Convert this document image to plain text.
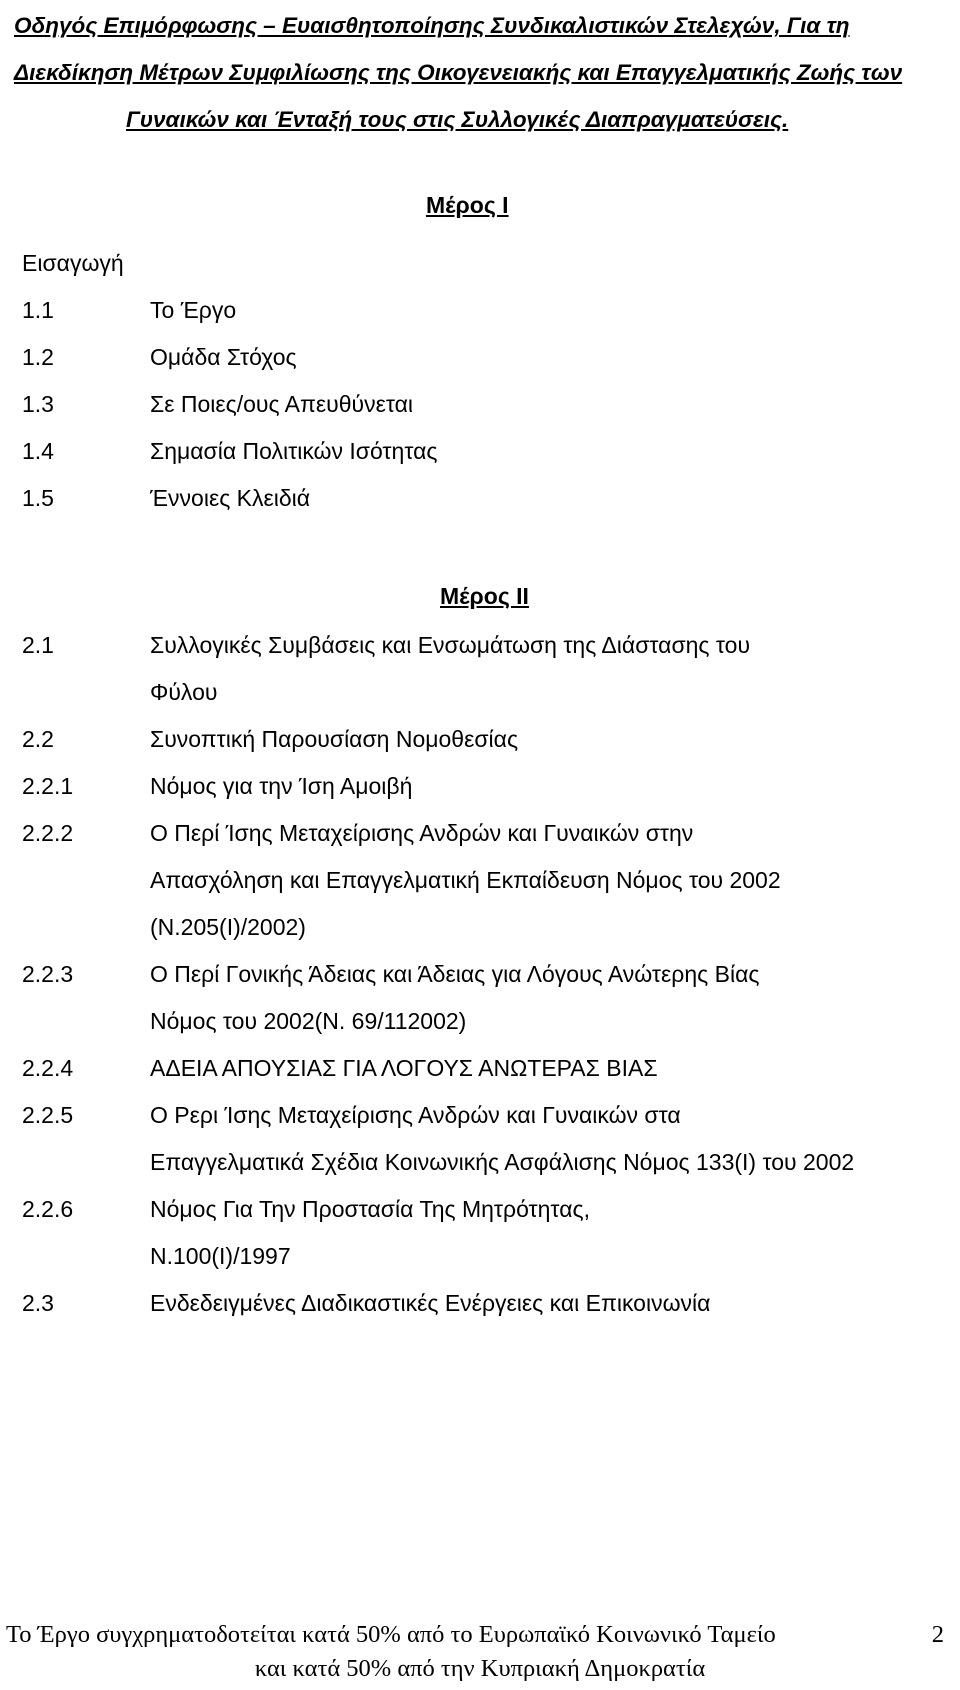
Οδηγός Επιμόρφωσης – Ευαισθητοποίησης Συνδικαλιστικών Στελεχών, Για τη
Διεκδίκηση Μέτρων Συμφιλίωσης της Οικογενειακής και Επαγγελματικής Ζωής των

Γυναικών και Ένταξή τους στις Συλλογικές Διαπραγματεύσεις.
Μέρος Ι
Εισαγωγή
1.1	Το Έργο
1.2	Ομάδα Στόχος
1.3	Σε Ποιες/ους Απευθύνεται
1.4	Σημασία Πολιτικών Ισότητας
1.5	Έννοιες Κλειδιά
Μέρος ΙΙ
2.1	Συλλογικές Συμβάσεις και Ενσωμάτωση της Διάστασης του
Φύλου
2.2	Συνοπτική Παρουσίαση Νομοθεσίας
2.2.1	Νόμος για την Ίση Αμοιβή
2.2.2	Ο Περί Ίσης Μεταχείρισης Ανδρών και Γυναικών στην
Απασχόληση και Επαγγελματική Εκπαίδευση Νόμος του 2002
(Ν.205(Ι)/2002)
2.2.3	Ο Περί Γονικής Άδειας και Άδειας για Λόγους Ανώτερης Βίας
Νόμος του 2002(Ν. 69/112002)
2.2.4	ΑΔΕΙΑ ΑΠΟΥΣΙΑΣ ΓΙΑ ΛΟΓΟΥΣ ΑΝΩΤΕΡΑΣ ΒΙΑΣ
2.2.5	Ο Ρερι Ίσης Μεταχείρισης Ανδρών και Γυναικών στα
Επαγγελματικά Σχέδια Κοινωνικής Ασφάλισης Νόμος 133(Ι) του 2002
2.2.6	Νόμος Για Την Προστασία Της Μητρότητας,
Ν.100(Ι)/1997
2.3	Ενδεδειγμένες Διαδικαστικές Ενέργειες και Επικοινωνία
Το Έργο συγχρηματοδοτείται κατά 50% από το Ευρωπαϊκό Κοινωνικό Ταμείο	2
και κατά 50% από την Κυπριακή Δημοκρατία
